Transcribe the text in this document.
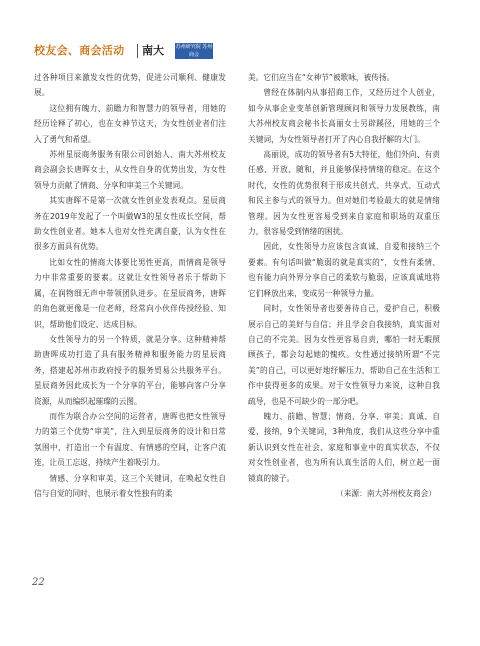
校友会、商会活动 南大 苏州研究院 苏州商会

过各种项目来激发女性的优势，促进公司顺利、健康发展。

这位拥有魄力、前瞻力和智慧力的领导者，用她的经历诠释了初心，也在女神节这天，为女性创业者们注入了勇气和希望。

苏州星辰商务服务有限公司创始人、南大苏州校友商会副会长唐晖女士，从女性自身的优势出发，为女性领导力贡献了情商、分享和审美三个关键词。

其实唐晖不是第一次就女性创业发表观点。星辰商务在2019年发起了一个叫做W3的星女性成长空间，帮助女性创业者。她本人也对女性充满自豪，认为女性在很多方面具有优势。

比如女性的情商大体要比男性更高，而情商是领导力中非常重要的要素。这就让女性领导者乐于帮助下属，在润物细无声中带领团队进步。在星辰商务，唐晖的角色就更像是一位老师，经常向小伙伴传授经验、知识，帮助他们设定、达成目标。

女性领导力的另一个特质，就是分享。这种精神帮助唐晖成功打造了具有服务精神和服务能力的星辰商务，搭建起苏州市政府授予的服务贸易公共服务平台。星辰商务因此成长为一个分享的平台，能够向客户分享资源，从而编织起璀璨的云图。

而作为联合办公空间的运营者，唐晖也把女性领导力的第三个优势“审美”，注入到星辰商务的设计和日常氛围中，打造出一个有温度、有情感的空间，让客户流连，让员工忘返，持续产生着吸引力。

情感、分享和审美，这三个关键词，在唤起女性自信与自觉的同时，也展示着女性独有的柔

美。它们应当在“女神节”被歌咏，被传扬。

曾经在体制内从事招商工作，又经历过个人创业，如今从事企业变革创新管理顾问和领导力发展教练，南大苏州校友商会秘书长高丽女士另辟蹊径，用她的三个关键词，为女性领导者打开了内心自我抒解的大门。

高丽说，成功的领导者有5大特征，他们外向、有责任感、开放、随和，并且能够保持情绪的稳定。在这个时代，女性的优势很利于形成共创式、共享式、互动式和民主参与式的领导力。但对她们考验最大的就是情绪管理。因为女性更容易受到来自家庭和职场的双重压力，很容易受到情绪的困扰。

因此，女性领导力应该包含真诚、自爱和接纳三个要素。有句话叫做“脆弱的就是真实的”，女性有柔情、也有能力向外界分享自己的柔软与脆弱，应该真诚地将它们释放出来，变成另一种领导力量。

同时，女性领导者也要善待自己，爱护自己，积极展示自己的美好与自信；并且学会自我接纳，真实面对自己的不完美。因为女性更容易自责，哪怕一时无暇照顾孩子，都会勾起她的愧疚。女性通过接纳所谓“不完美”的自己，可以更好地纾解压力，帮助自己在生活和工作中获得更多的成果。对于女性领导力来说，这种自我疏导，也是不可缺少的一部分吧。

魄力、前瞻、智慧；情商、分享、审美；真诚、自爱、接纳，9个关键词，3种角度，我们从这些分享中重新认识到女性在社会、家庭和事业中的真实状态，不仅对女性创业者，也为所有认真生活的人们，树立起一面镜真的镜子。

（来源：南大苏州校友商会）

22
